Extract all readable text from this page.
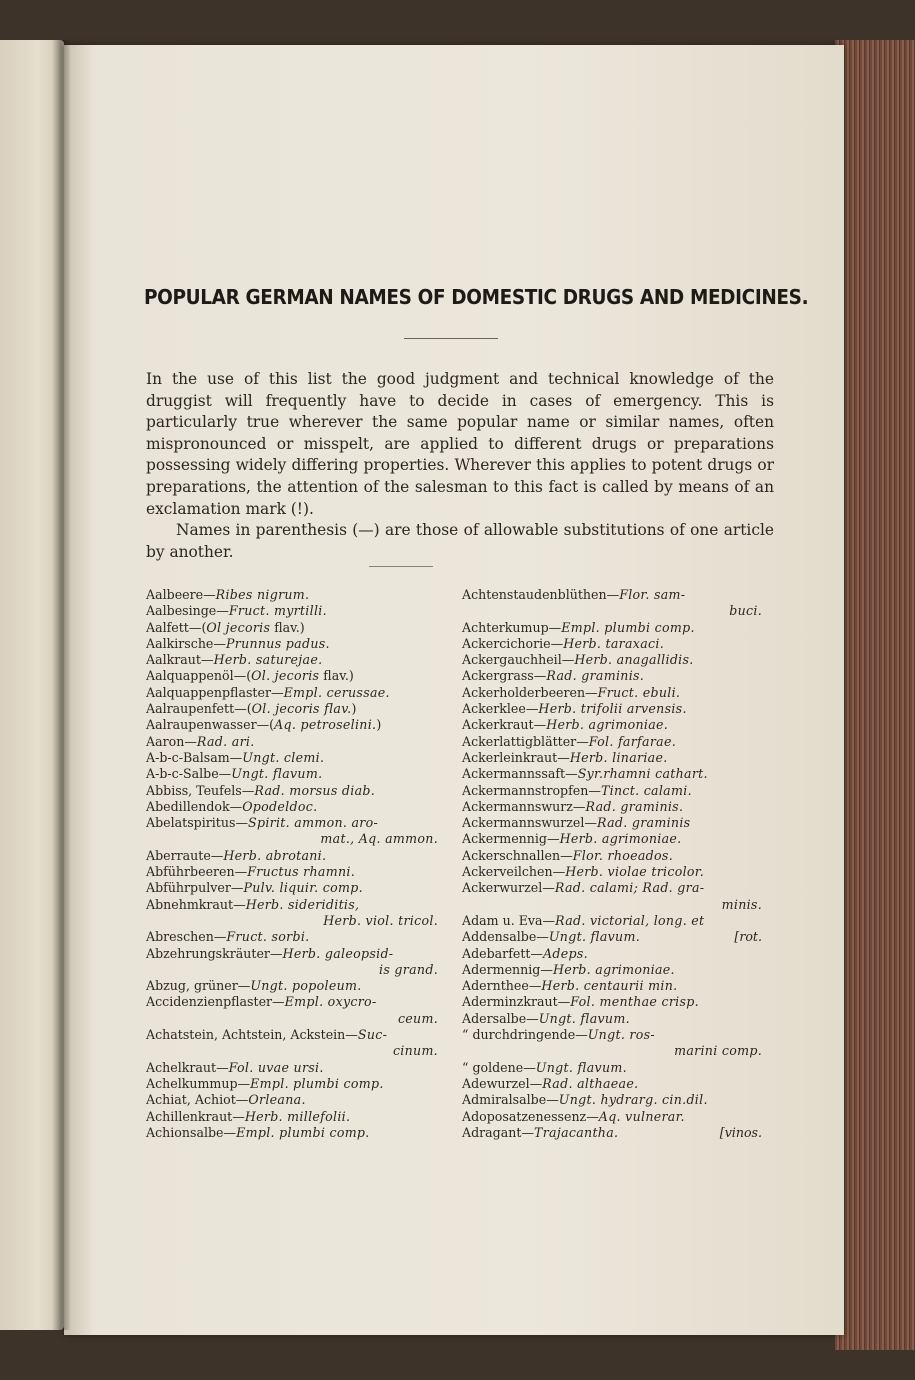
POPULAR GERMAN NAMES OF DOMESTIC DRUGS AND MEDICINES.

In the use of this list the good judgment and technical knowledge of the druggist will frequently have to decide in cases of emergency. This is particularly true wherever the same popular name or similar names, often mispronounced or misspelt, are applied to different drugs or preparations possessing widely differing properties. Wherever this applies to potent drugs or preparations, the attention of the salesman to this fact is called by means of an exclamation mark (!).

Names in parenthesis (—) are those of allowable substitutions of one article by another.

Aalbeere—Ribes nigrum.
Aalbesinge—Fruct. myrtilli.
Aalfett—(Ol jecoris flav.)
Aalkirsche—Prunnus padus.
Aalkraut—Herb. saturejae.
Aalquappenöl—(Ol. jecoris flav.)
Aalquappenpflaster—Empl. cerussae.
Aalraupenfett—(Ol. jecoris flav.)
Aalraupenwasser—(Aq. petroselini.)
Aaron—Rad. ari.
A-b-c-Balsam—Ungt. clemi.
A-b-c-Salbe—Ungt. flavum.
Abbiss, Teufels—Rad. morsus diab.
Abedillendok—Opodeldoc.
Abelatspiritus—Spirit. ammon. aro-
mat., Aq. ammon.
Aberraute—Herb. abrotani.
Abführbeeren—Fructus rhamni.
Abführpulver—Pulv. liquir. comp.
Abnehmkraut—Herb. sideriditis,
Herb. viol. tricol.
Abreschen—Fruct. sorbi.
Abzehrungskräuter—Herb. galeopsid-
is grand.
Abzug, grüner—Ungt. popoleum.
Accidenzienpflaster—Empl. oxycro-
ceum.
Achatstein, Achtstein, Ackstein—Suc-
cinum.
Achelkraut—Fol. uvae ursi.
Achelkummup—Empl. plumbi comp.
Achiat, Achiot—Orleana.
Achillenkraut—Herb. millefolii.
Achionsalbe—Empl. plumbi comp.
Achtenstaudenblüthen—Flor. sam-
buci.
Achterkumup—Empl. plumbi comp.
Ackercichorie—Herb. taraxaci.
Ackergauchheil—Herb. anagallidis.
Ackergrass—Rad. graminis.
Ackerholderbeeren—Fruct. ebuli.
Ackerklee—Herb. trifolii arvensis.
Ackerkraut—Herb. agrimoniae.
Ackerlattigblätter—Fol. farfarae.
Ackerleinkraut—Herb. linariae.
Ackermannssaft—Syr.rhamni cathart.
Ackermannstropfen—Tinct. calami.
Ackermannswurz—Rad. graminis.
Ackermannswurzel—Rad. graminis
Ackermennig—Herb. agrimoniae.
Ackerschnallen—Flor. rhoeados.
Ackerveilchen—Herb. violae tricolor.
Ackerwurzel—Rad. calami; Rad. gra-
minis.
Adam u. Eva—Rad. victorial, long. et
Addensalbe—Ungt. flavum.	[rot.
Adebarfett—Adeps.
Adermennig—Herb. agrimoniae.
Aderntheе—Herb. centaurii min.
Aderminzkraut—Fol. menthae crisp.
Adersalbe—Ungt. flavum.
“ durchdringende—Ungt. ros-
marini comp.
“ goldene—Ungt. flavum.
Adewurzel—Rad. althaeae.
Admiralsalbe—Ungt. hydrarg. cin.dil.
Adoposatzenessenz—Aq. vulnerar.
Adragant—Trajacantha.	[vinos.
